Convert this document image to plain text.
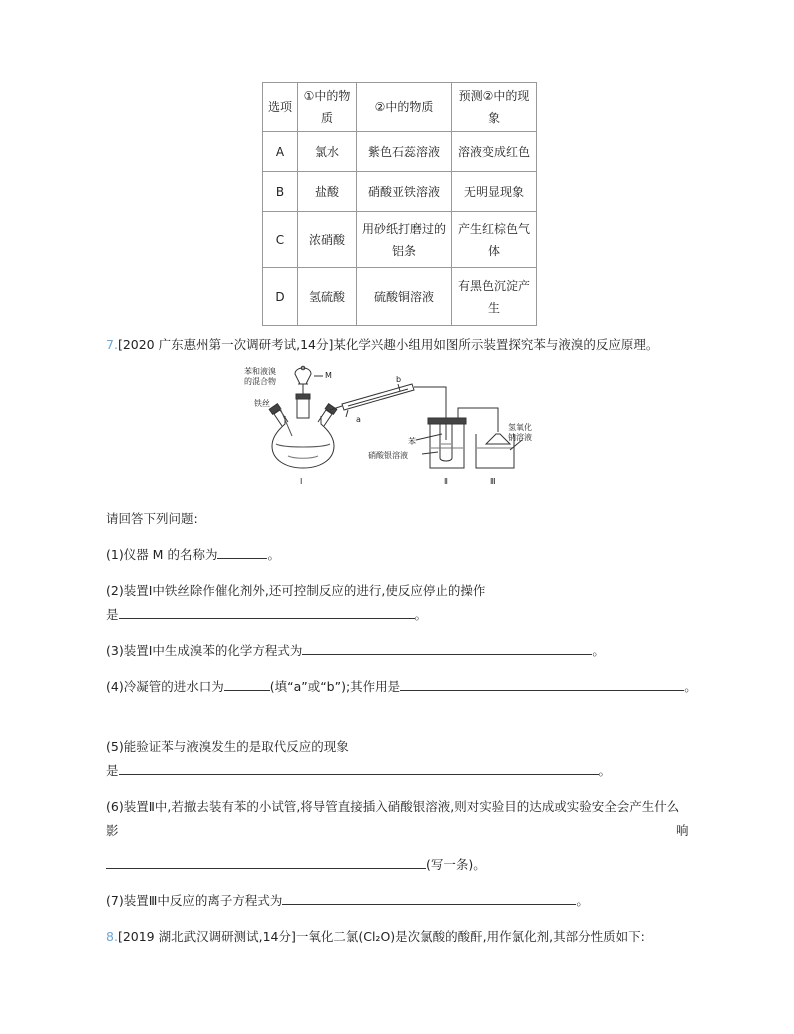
选项	①中的物质	②中的物质	预测②中的现象
A	氯水	紫色石蕊溶液	溶液变成红色
B	盐酸	硝酸亚铁溶液	无明显现象
C	浓硝酸	用砂纸打磨过的铝条	产生红棕色气体
D	氢硫酸	硫酸铜溶液	有黑色沉淀产生
7.[2020 广东惠州第一次调研考试,14分]某化学兴趣小组用如图所示装置探究苯与液溴的反应原理。
苯和液溴
的混合物
M
铁丝
a
b
苯
硝酸银溶液
氢氧化
钠溶液
Ⅰ	Ⅱ	Ⅲ
请回答下列问题:
(1)仪器 M 的名称为	。
(2)装置Ⅰ中铁丝除作催化剂外,还可控制反应的进行,使反应停止的操作
是	。
(3)装置Ⅰ中生成溴苯的化学方程式为	。
(4)冷凝管的进水口为	(填“a”或“b”);其作用是	。
(5)能验证苯与液溴发生的是取代反应的现象
是	。
(6)装置Ⅱ中,若撤去装有苯的小试管,将导管直接插入硝酸银溶液,则对实验目的达成或实验安全会产生什么
影	响
(写一条)。
(7)装置Ⅲ中反应的离子方程式为	。
8.[2019 湖北武汉调研测试,14分]一氧化二氯(Cl₂O)是次氯酸的酸酐,用作氯化剂,其部分性质如下:
